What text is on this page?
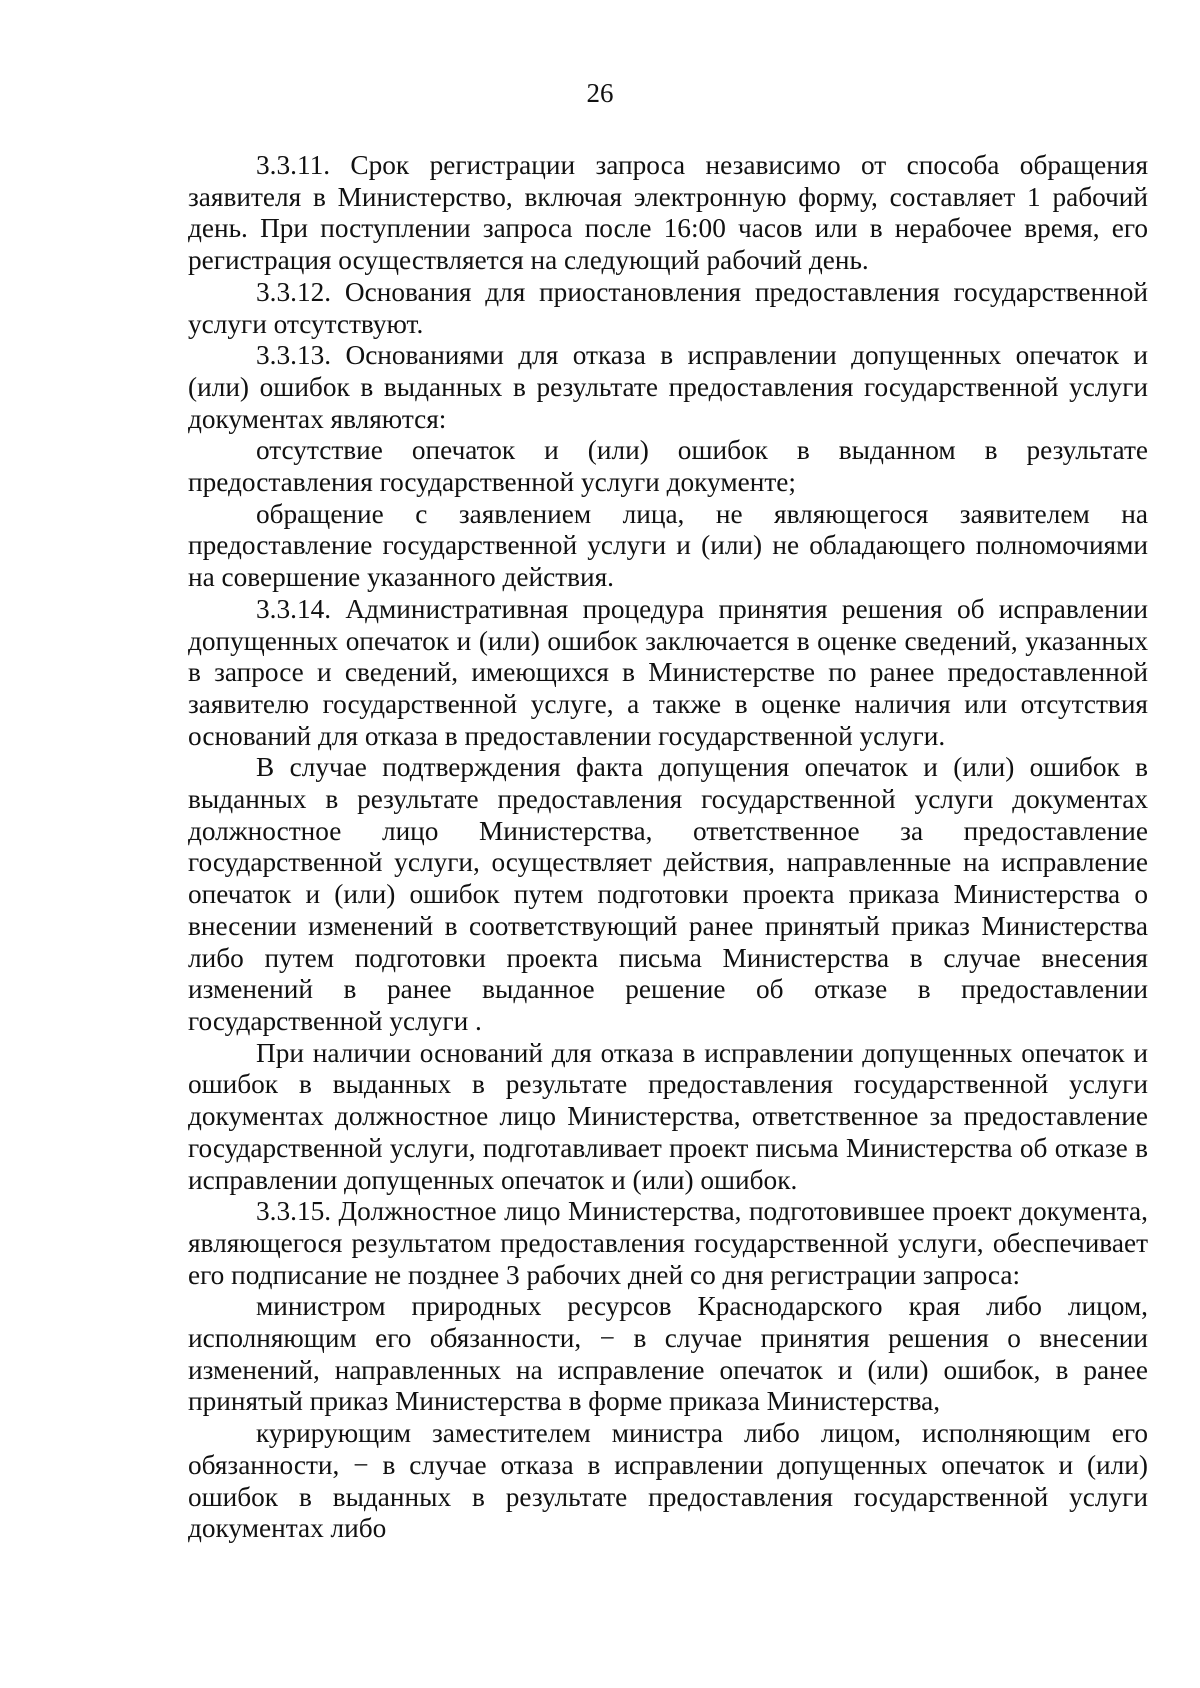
26

3.3.11. Срок регистрации запроса независимо от способа обращения заявителя в Министерство, включая электронную форму, составляет 1 рабочий день. При поступлении запроса после 16:00 часов или в нерабочее время, его регистрация осуществляется на следующий рабочий день.

3.3.12. Основания для приостановления предоставления государственной услуги отсутствуют.

3.3.13. Основаниями для отказа в исправлении допущенных опечаток и (или) ошибок в выданных в результате предоставления государственной услуги документах являются:

отсутствие опечаток и (или) ошибок в выданном в результате предоставления государственной услуги документе;

обращение с заявлением лица, не являющегося заявителем на предоставление государственной услуги и (или) не обладающего полномочиями на совершение указанного действия.

3.3.14. Административная процедура принятия решения об исправлении допущенных опечаток и (или) ошибок заключается в оценке сведений, указанных в запросе и сведений, имеющихся в Министерстве по ранее предоставленной заявителю государственной услуге, а также в оценке наличия или отсутствия оснований для отказа в предоставлении государственной услуги.

В случае подтверждения факта допущения опечаток и (или) ошибок в выданных в результате предоставления государственной услуги документах должностное лицо Министерства, ответственное за предоставление государственной услуги, осуществляет действия, направленные на исправление опечаток и (или) ошибок путем подготовки проекта приказа Министерства о внесении изменений в соответствующий ранее принятый приказ Министерства либо путем подготовки проекта письма Министерства в случае внесения изменений в ранее выданное решение об отказе в предоставлении государственной услуги .

При наличии оснований для отказа в исправлении допущенных опечаток и ошибок в выданных в результате предоставления государственной услуги документах должностное лицо Министерства, ответственное за предоставление государственной услуги, подготавливает проект письма Министерства об отказе в исправлении допущенных опечаток и (или) ошибок.

3.3.15. Должностное лицо Министерства, подготовившее проект документа, являющегося результатом предоставления государственной услуги, обеспечивает его подписание не позднее 3 рабочих дней со дня регистрации запроса:

министром природных ресурсов Краснодарского края либо лицом, исполняющим его обязанности, − в случае принятия решения о внесении изменений, направленных на исправление опечаток и (или) ошибок, в ранее принятый приказ Министерства в форме приказа Министерства,

курирующим заместителем министра либо лицом, исполняющим его обязанности, − в случае отказа в исправлении допущенных опечаток и (или) ошибок в выданных в результате предоставления государственной услуги документах либо
